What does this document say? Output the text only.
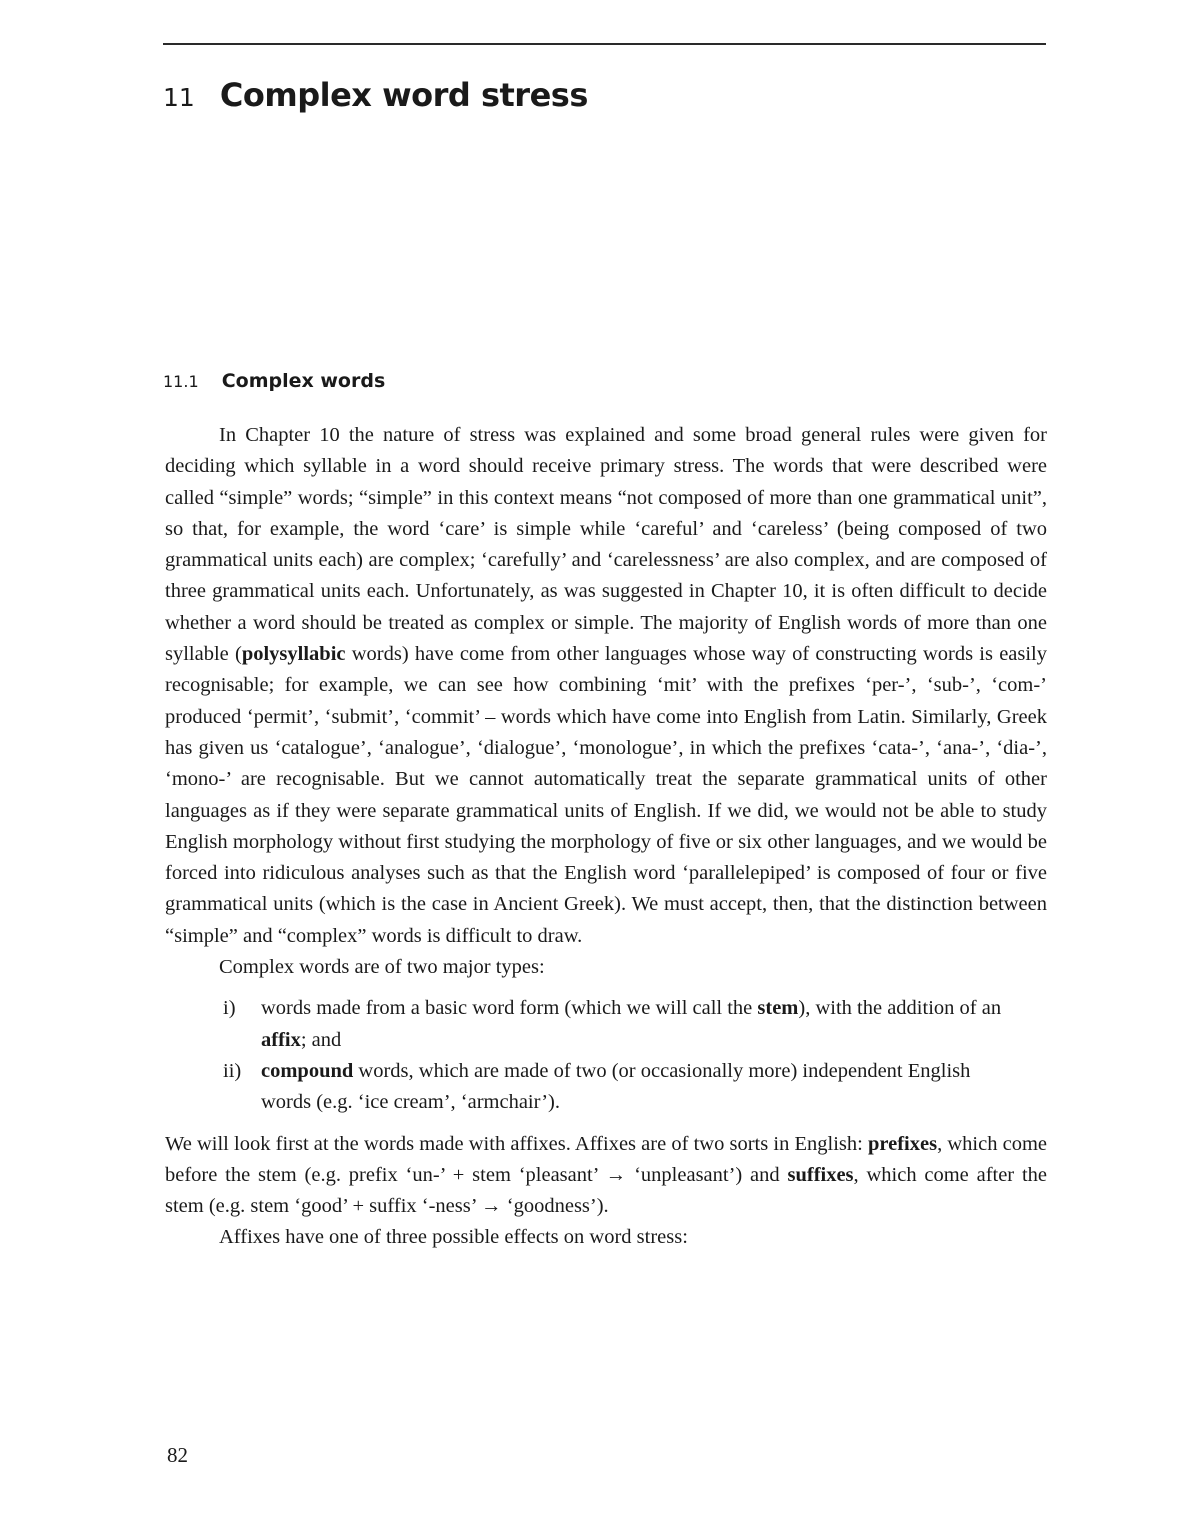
11 Complex word stress
11.1 Complex words

In Chapter 10 the nature of stress was explained and some broad general rules were given for deciding which syllable in a word should receive primary stress. The words that were described were called “simple” words; “simple” in this context means “not composed of more than one grammatical unit”, so that, for example, the word ‘care’ is simple while ‘careful’ and ‘careless’ (being composed of two grammatical units each) are complex; ‘carefully’ and ‘carelessness’ are also complex, and are composed of three grammatical units each. Unfortunately, as was suggested in Chapter 10, it is often difficult to decide whether a word should be treated as complex or simple. The majority of English words of more than one syllable (polysyllabic words) have come from other languages whose way of constructing words is easily recognisable; for example, we can see how combining ‘mit’ with the prefixes ‘per-’, ‘sub-’, ‘com-’ produced ‘permit’, ‘submit’, ‘commit’ – words which have come into English from Latin. Similarly, Greek has given us ‘catalogue’, ‘analogue’, ‘dialogue’, ‘monologue’, in which the prefixes ‘cata-’, ‘ana-’, ‘dia-’, ‘mono-’ are recognisable. But we cannot automatically treat the separate grammatical units of other languages as if they were separate grammatical units of English. If we did, we would not be able to study English morphology without first studying the morphology of five or six other languages, and we would be forced into ridiculous analyses such as that the English word ‘parallelepiped’ is composed of four or five grammatical units (which is the case in Ancient Greek). We must accept, then, that the distinction between “simple” and “complex” words is difficult to draw.

Complex words are of two major types:

i)	words made from a basic word form (which we will call the stem), with the addition of an affix; and
ii) compound words, which are made of two (or occasionally more) independent English words (e.g. ‘ice cream’, ‘armchair’).

We will look first at the words made with affixes. Affixes are of two sorts in English: prefixes, which come before the stem (e.g. prefix ‘un-’ + stem ‘pleasant’ → ‘unpleasant’) and suffixes, which come after the stem (e.g. stem ‘good’ + suffix ‘-ness’ → ‘goodness’).

Affixes have one of three possible effects on word stress:

82
